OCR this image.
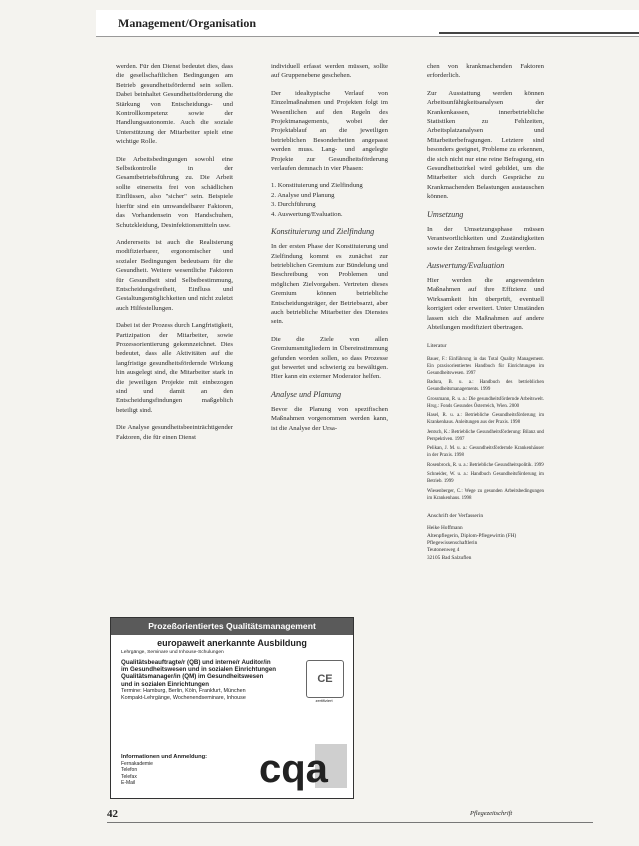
Management/Organisation

werden. Für den Dienst bedeutet dies, dass die gesellschaftlichen Bedingungen am Betrieb gesundheitsfördernd sein sollen. Dabei beinhaltet Gesundheitsförderung die Stärkung von Entscheidungs- und Kontrollkompetenz sowie der Handlungsautonomie. Auch die soziale Unterstützung der Mitarbeiter spielt eine wichtige Rolle.

Die Arbeitsbedingungen sowohl eine Selbstkontrolle in der Gesamtbetriebsführung zu. Die Arbeit sollte einerseits frei von schädlichen Einflüssen, also "sicher" sein. Beispiele hierfür sind ein umwandelbarer Faktoren, das Vorhandensein von Handschuhen, Schutzkleidung, Desinfektionsmitteln usw.

Andererseits ist auch die Realisierung modifizierbarer, ergonomischer und sozialer Bedingungen bedeutsam für die Gesundheit. Weitere wesentliche Faktoren für Gesundheit sind Selbstbestimmung, Entscheidungsfreiheit, Einfluss und Gestaltungsmöglichkeiten und nicht zuletzt auch Hilfestellungen.

Dabei ist der Prozess durch Langfristigkeit, Partizipation der Mitarbeiter, sowie Prozessorientierung gekennzeichnet. Dies bedeutet, dass alle Aktivitäten auf die langfristige gesundheitsfördernde Wirkung hin ausgelegt sind, die Mitarbeiter stark in die jeweiligen Projekte mit einbezogen sind und damit an den Entscheidungsfindungen maßgeblich beteiligt sind.

Die Analyse gesundheitsbeeinträchtigender Faktoren, die für einen Dienst

individuell erfasst werden müssen, sollte auf Gruppenebene geschehen.

Der idealtypische Verlauf von Einzelmaßnahmen und Projekten folgt im Wesentlichen auf den Regeln des Projektmanagements, wobei der Projektablauf an die jeweiligen betrieblichen Besonderheiten angepasst werden muss. Lang- und angelegte Projekte zur Gesundheitsförderung verlaufen demnach in vier Phasen:

1. Konstituierung und Zielfindung
2. Analyse und Planung
3. Durchführung
4. Auswertung/Evaluation.
Konstituierung und Zielfindung

In der ersten Phase der Konstituierung und Zielfindung kommt es zunächst zur betrieblichen Gremium zur Bündelung und Beschreibung von Problemen und möglichen Zielvorgaben. Vertreten dieses Gremium können betriebliche Entscheidungsträger, der Betriebsarzt, aber auch betriebliche Mitarbeiter des Dienstes sein.

Die die Ziele von allen Gremiumsmitgliedern in Übereinstimmung gefunden worden sollen, so dass Prozesse gut bewertet und schwierig zu bewältigen. Hier kann ein externer Moderator helfen.

Analyse und Planung

Bevor die Planung von spezifischen Maßnahmen vorgenommen werden kann, ist die Analyse der Ursa-

chen von krankmachenden Faktoren erforderlich.

Zur Ausstattung werden können Arbeitsunfähigkeitsanalysen der Krankenkassen, innerbetriebliche Statistiken zu Fehlzeiten, Arbeitsplatzanalysen und Mitarbeiterbefragungen. Letztere sind besonders geeignet, Probleme zu erkennen, die sich nicht nur eine reine Befragung, ein Gesundheitszirkel wird gebildet, um die Mitarbeiter sich durch Gespräche zu Krankmachenden Belastungen austauschen können.

Umsetzung

In der Umsetzungsphase müssen Verantwortlichkeiten und Zuständigkeiten sowie der Zeitrahmen festgelegt werden.

Auswertung/Evaluation

Hier werden die angewendeten Maßnahmen auf ihre Effizienz und Wirksamkeit hin überprüft, eventuell korrigiert oder erweitert. Unter Umständen lassen sich die Maßnahmen auf andere Abteilungen modifiziert übertragen.

Literatur

Bauer, F.: Einführung in das Total Quality Management. Ein praxisorientiertes Handbuch für Einrichtungen im Gesundheitswesen. 1997

Badura, B. u. a.: Handbuch des betrieblichen Gesundheitsmanagements. 1999

Grossmann, R. u. a.: Die gesundheitsfördernde Arbeitswelt. Hrsg.: Fonds Gesundes Österreich, Wien. 2000

Hasel, R. u. a.: Betriebliche Gesundheitsförderung im Krankenhaus. Anleitungen aus der Praxis. 1998

Jentsch, K.: Betriebliche Gesundheitsförderung: Bilanz und Perspektiven. 1997

Pelikan, J. M. u. a.: Gesundheitsfördernde Krankenhäuser in der Praxis. 1998

Rosenbrock, R. u. a.: Betriebliche Gesundheitspolitik. 1999

Schneider, W. u. a.: Handbuch Gesundheitsförderung im Betrieb. 1999

Wiesenberger, C.: Wege zu gesunden Arbeitsbedingungen im Krankenhaus. 1998

Anschrift der Verfasserin
Heike Hoffmann
Altenpflegerin, Diplom-Pflegewirtin (FH)
Pflegewissenschaftlerin
Teutonenweg 4
32105 Bad Salzuflen
Prozeßorientiertes Qualitätsmanagement
europaweit anerkannte Ausbildung
Lehrgänge, Seminare und Inhouse-Schulungen
Qualitätsbeauftragte/r (QB) und interne/r Auditor/in
im Gesundheitswesen und in sozialen Einrichtungen
Qualitätsmanager/in (QM) im Gesundheitswesen
und in sozialen Einrichtungen
Termine: Hamburg, Berlin, Köln, Frankfurt, München
Kompakt-Lehrgänge, Wochenendseminare, Inhouse
CE
zertifiziert
Informationen und Anmeldung:
Fernakademie
Telefon
Telefax
E-Mail	cqa
42	Pflegezeitschrift
